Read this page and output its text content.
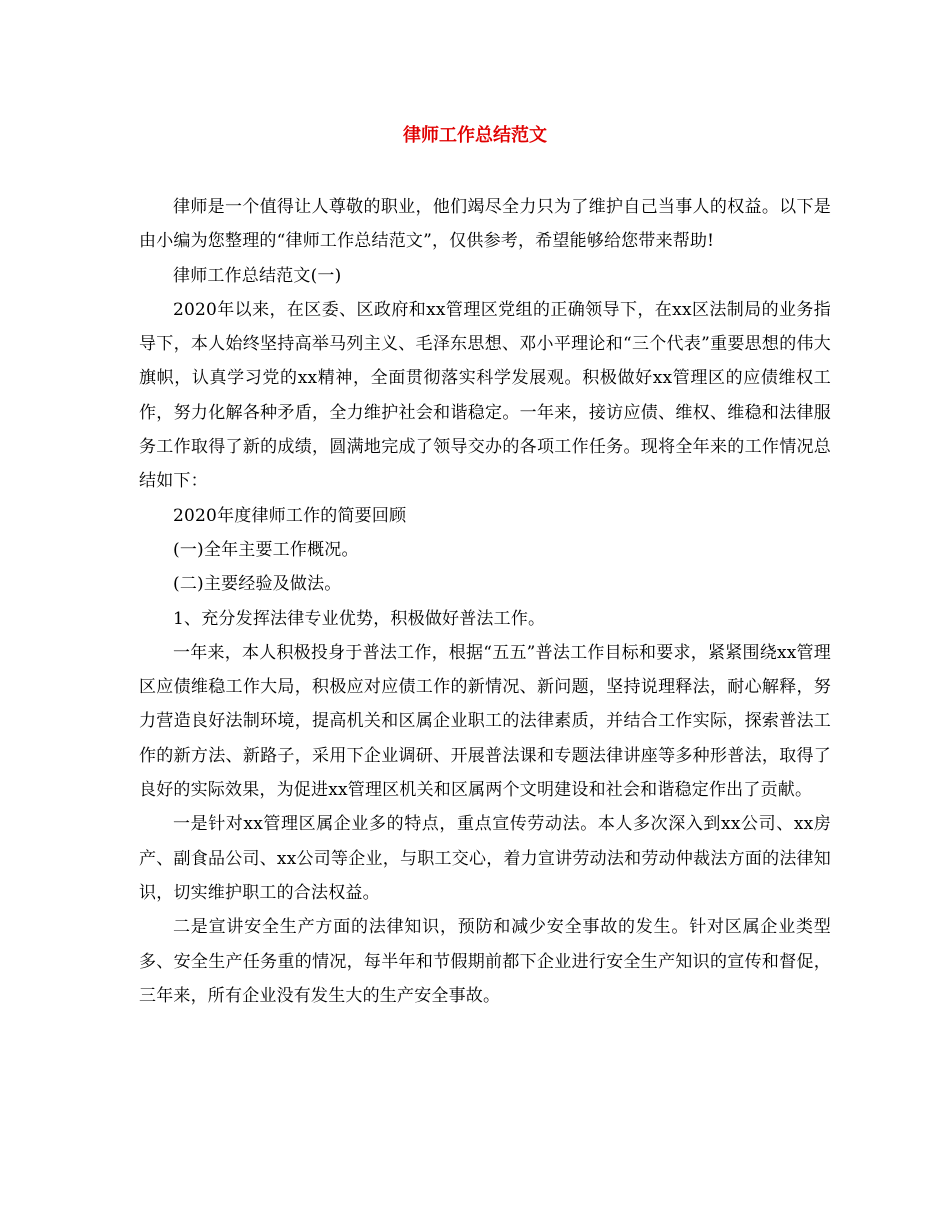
律师工作总结范文

律师是一个值得让人尊敬的职业，他们竭尽全力只为了维护自己当事人的权益。以下是由小编为您整理的“律师工作总结范文”，仅供参考，希望能够给您带来帮助!

律师工作总结范文(一)

2020年以来，在区委、区政府和xx管理区党组的正确领导下，在xx区法制局的业务指导下，本人始终坚持高举马列主义、毛泽东思想、邓小平理论和“三个代表”重要思想的伟大旗帜，认真学习党的xx精神，全面贯彻落实科学发展观。积极做好xx管理区的应债维权工作，努力化解各种矛盾，全力维护社会和谐稳定。一年来，接访应债、维权、维稳和法律服务工作取得了新的成绩，圆满地完成了领导交办的各项工作任务。现将全年来的工作情况总结如下：

2020年度律师工作的简要回顾

(一)全年主要工作概况。

(二)主要经验及做法。

1、充分发挥法律专业优势，积极做好普法工作。

一年来，本人积极投身于普法工作，根据“五五”普法工作目标和要求，紧紧围绕xx管理区应债维稳工作大局，积极应对应债工作的新情况、新问题，坚持说理释法，耐心解释，努力营造良好法制环境，提高机关和区属企业职工的法律素质，并结合工作实际，探索普法工作的新方法、新路子，采用下企业调研、开展普法课和专题法律讲座等多种形普法，取得了良好的实际效果，为促进xx管理区机关和区属两个文明建设和社会和谐稳定作出了贡献。

一是针对xx管理区属企业多的特点，重点宣传劳动法。本人多次深入到xx公司、xx房产、副食品公司、xx公司等企业，与职工交心，着力宣讲劳动法和劳动仲裁法方面的法律知识，切实维护职工的合法权益。

二是宣讲安全生产方面的法律知识，预防和减少安全事故的发生。针对区属企业类型多、安全生产任务重的情况，每半年和节假期前都下企业进行安全生产知识的宣传和督促，三年来，所有企业没有发生大的生产安全事故。
